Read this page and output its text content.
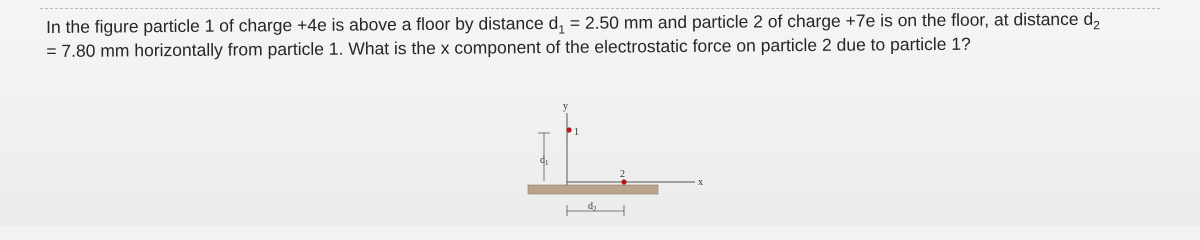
In the figure particle 1 of charge +4e is above a floor by distance $d_1 = 2.50$ mm and particle 2 of charge +7e is on the floor, at distance $d_2$
= 7.80 mm horizontally from particle 1. What is the x component of the electrostatic force on particle 2 due to particle 1?
y
x
1
2
$d_1$
$d_2$
